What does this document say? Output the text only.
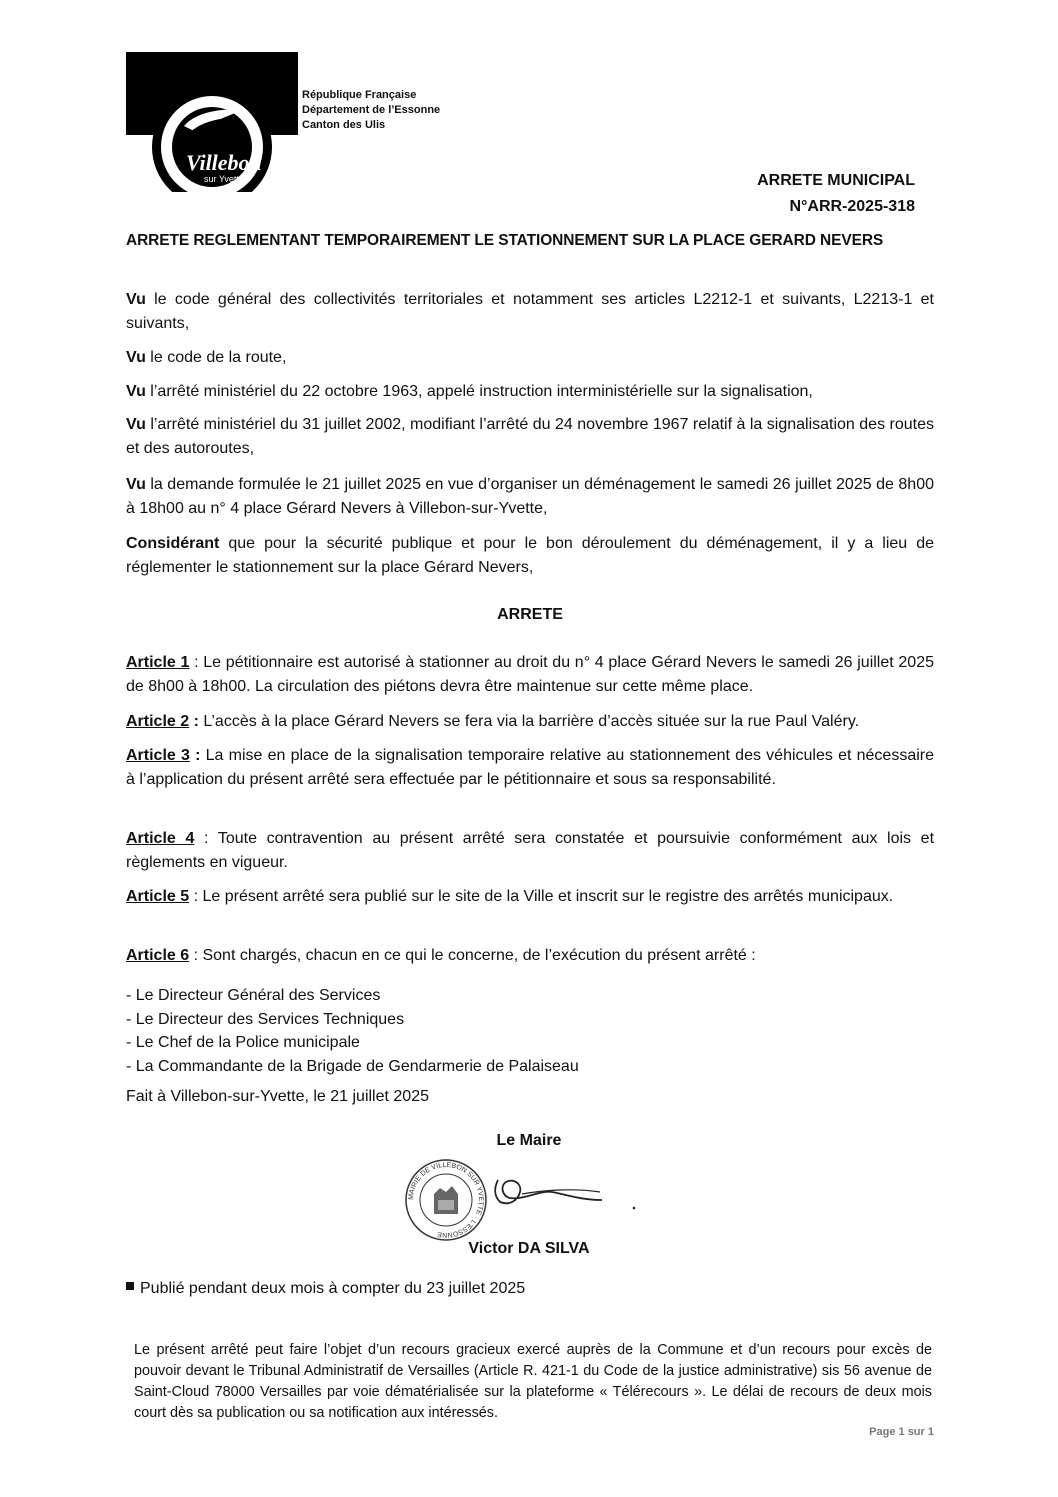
Villebon
sur Yvette
République Française
Département de l’Essonne
Canton des Ulis
ARRETE MUNICIPAL
N°ARR-2025-318
ARRETE REGLEMENTANT TEMPORAIREMENT LE STATIONNEMENT SUR LA PLACE GERARD NEVERS
Vu le code général des collectivités territoriales et notamment ses articles L2212-1 et suivants, L2213-1 et suivants,
Vu le code de la route,
Vu l’arrêté ministériel du 22 octobre 1963, appelé instruction interministérielle sur la signalisation,
Vu l’arrêté ministériel du 31 juillet 2002, modifiant l’arrêté du 24 novembre 1967 relatif à la signalisation des routes et des autoroutes,
Vu la demande formulée le 21 juillet 2025 en vue d’organiser un déménagement le samedi 26 juillet 2025 de 8h00 à 18h00 au n° 4 place Gérard Nevers à Villebon-sur-Yvette,
Considérant que pour la sécurité publique et pour le bon déroulement du déménagement, il y a lieu de réglementer le stationnement sur la place Gérard Nevers,
ARRETE
Article 1 : Le pétitionnaire est autorisé à stationner au droit du n° 4 place Gérard Nevers le samedi 26 juillet 2025 de 8h00 à 18h00. La circulation des piétons devra être maintenue sur cette même place.
Article 2 : L’accès à la place Gérard Nevers se fera via la barrière d’accès située sur la rue Paul Valéry.
Article 3 : La mise en place de la signalisation temporaire relative au stationnement des véhicules et nécessaire à l’application du présent arrêté sera effectuée par le pétitionnaire et sous sa responsabilité.
Article 4 : Toute contravention au présent arrêté sera constatée et poursuivie conformément aux lois et règlements en vigueur.
Article 5 : Le présent arrêté sera publié sur le site de la Ville et inscrit sur le registre des arrêtés municipaux.
Article 6 : Sont chargés, chacun en ce qui le concerne, de l’exécution du présent arrêté :
- Le Directeur Général des Services
- Le Directeur des Services Techniques
- Le Chef de la Police municipale
- La Commandante de la Brigade de Gendarmerie de Palaiseau
Fait à Villebon-sur-Yvette, le 21 juillet 2025
Le Maire
MAIRIE DE VILLEBON SUR YVETTE · L'ESSONNE
Victor DA SILVA
Publié pendant deux mois à compter du 23 juillet 2025
Le présent arrêté peut faire l’objet d’un recours gracieux exercé auprès de la Commune et d’un recours pour excès de pouvoir devant le Tribunal Administratif de Versailles (Article R. 421-1 du Code de la justice administrative) sis 56 avenue de Saint-Cloud 78000 Versailles par voie dématérialisée sur la plateforme « Télérecours ». Le délai de recours de deux mois court dès sa publication ou sa notification aux intéressés.
Page 1 sur 1
